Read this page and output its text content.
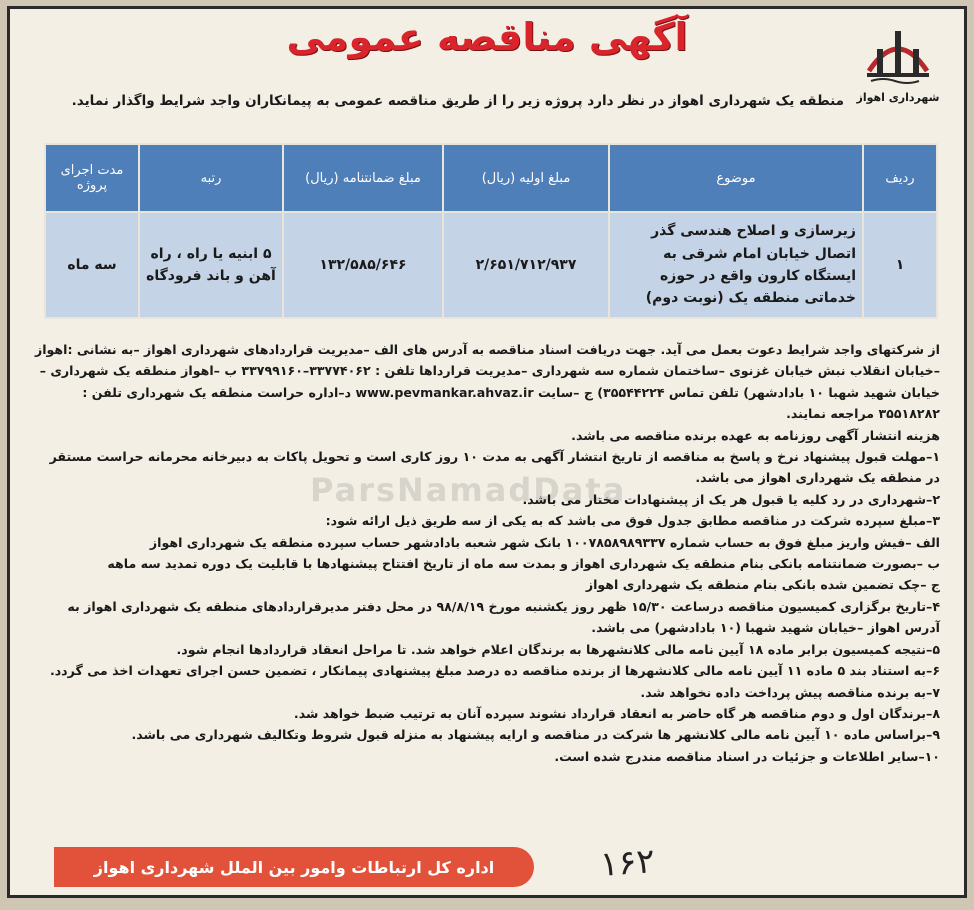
شهرداری اهواز
آگهی مناقصه عمومی
منطقه یک شهرداری اهواز در نظر دارد پروژه زیر را از طریق مناقصه عمومی به پیمانکاران واجد شرایط واگذار نماید.
ردیف	موضوع	مبلغ اولیه (ریال)	مبلغ ضمانتنامه (ریال)	رتبه	مدت اجرای پروژه
۱	زیرسازی و اصلاح هندسی گذر اتصال خیابان امام شرقی به ایستگاه کارون واقع در حوزه خدماتی منطقه یک (نوبت دوم)	۲/۶۵۱/۷۱۲/۹۳۷	۱۳۲/۵۸۵/۶۴۶	۵ ابنیه یا راه ، راه آهن و باند فرودگاه	سه ماه
ParsNamadData

از شرکتهای واجد شرایط دعوت بعمل می آید. جهت دریافت اسناد مناقصه به آدرس های الف –مدیریت قراردادهای شهرداری اهواز –به نشانی :اهواز –خیابان انقلاب نبش خیابان غزنوی –ساختمان شماره سه شهرداری –مدیریت قرارداها تلفن : ۳۳۷۷۴۰۶۲–۳۳۷۹۹۱۶۰ ب –اهواز منطقه یک شهرداری –خیابان شهید شهبا ۱۰ بادادشهر) تلفن تماس ۳۵۵۴۴۲۲۴) ج –سایت www.pevmankar.ahvaz.ir د–اداره حراست منطقه یک شهرداری تلفن : ۳۵۵۱۸۲۸۲ مراجعه نمایند.

هزینه انتشار آگهی روزنامه به عهده برنده مناقصه می باشد.

۱–مهلت قبول پیشنهاد نرخ و پاسخ به مناقصه از تاریخ انتشار آگهی به مدت ۱۰ روز کاری است و تحویل پاکات به دبیرخانه محرمانه حراست مستقر در منطقه یک شهرداری اهواز می باشد.

۲–شهرداری در رد کلیه یا قبول هر یک از پیشنهادات مختار می باشد.

۳–مبلغ سپرده شرکت در مناقصه مطابق جدول فوق می باشد که به یکی از سه طریق ذیل ارائه شود:

الف –فیش واریز مبلغ فوق به حساب شماره ۱۰۰۷۸۵۸۹۸۹۳۳۷ بانک شهر شعبه بادادشهر حساب سپرده منطقه یک شهرداری اهواز

ب –بصورت ضمانتنامه بانکی بنام منطقه یک شهرداری اهواز و بمدت سه ماه از تاریخ افتتاح پیشنهادها با قابلیت یک دوره تمدید سه ماهه

ج –چک تضمین شده بانکی بنام منطقه یک شهرداری اهواز

۴–تاریخ برگزاری کمیسیون مناقصه درساعت ۱۵/۳۰ ظهر روز یکشنبه مورخ ۹۸/۸/۱۹ در محل دفتر مدیرقراردادهای منطقه یک شهرداری اهواز به آدرس اهواز –خیابان شهید شهبا (۱۰ بادادشهر) می باشد.

۵–نتیجه کمیسیون برابر ماده ۱۸ آیین نامه مالی کلانشهرها به برندگان اعلام خواهد شد. تا مراحل انعقاد قراردادها انجام شود.

۶–به استناد بند ۵ ماده ۱۱ آیین نامه مالی کلانشهرها از برنده مناقصه ده درصد مبلغ پیشنهادی پیمانکار ، تضمین حسن اجرای تعهدات اخذ می گردد.

۷–به برنده مناقصه پیش پرداخت داده نخواهد شد.

۸–برندگان اول و دوم مناقصه هر گاه حاضر به انعقاد قرارداد نشوند سپرده آنان به ترتیب ضبط خواهد شد.

۹–براساس ماده ۱۰ آیین نامه مالی کلانشهر ها شرکت در مناقصه و ارایه پیشنهاد به منزله قبول شروط وتکالیف شهرداری می باشد.

۱۰–سایر اطلاعات و جزئیات در اسناد مناقصه مندرج شده است.

۱۶۲
اداره کل ارتباطات وامور بین الملل شهرداری اهواز
